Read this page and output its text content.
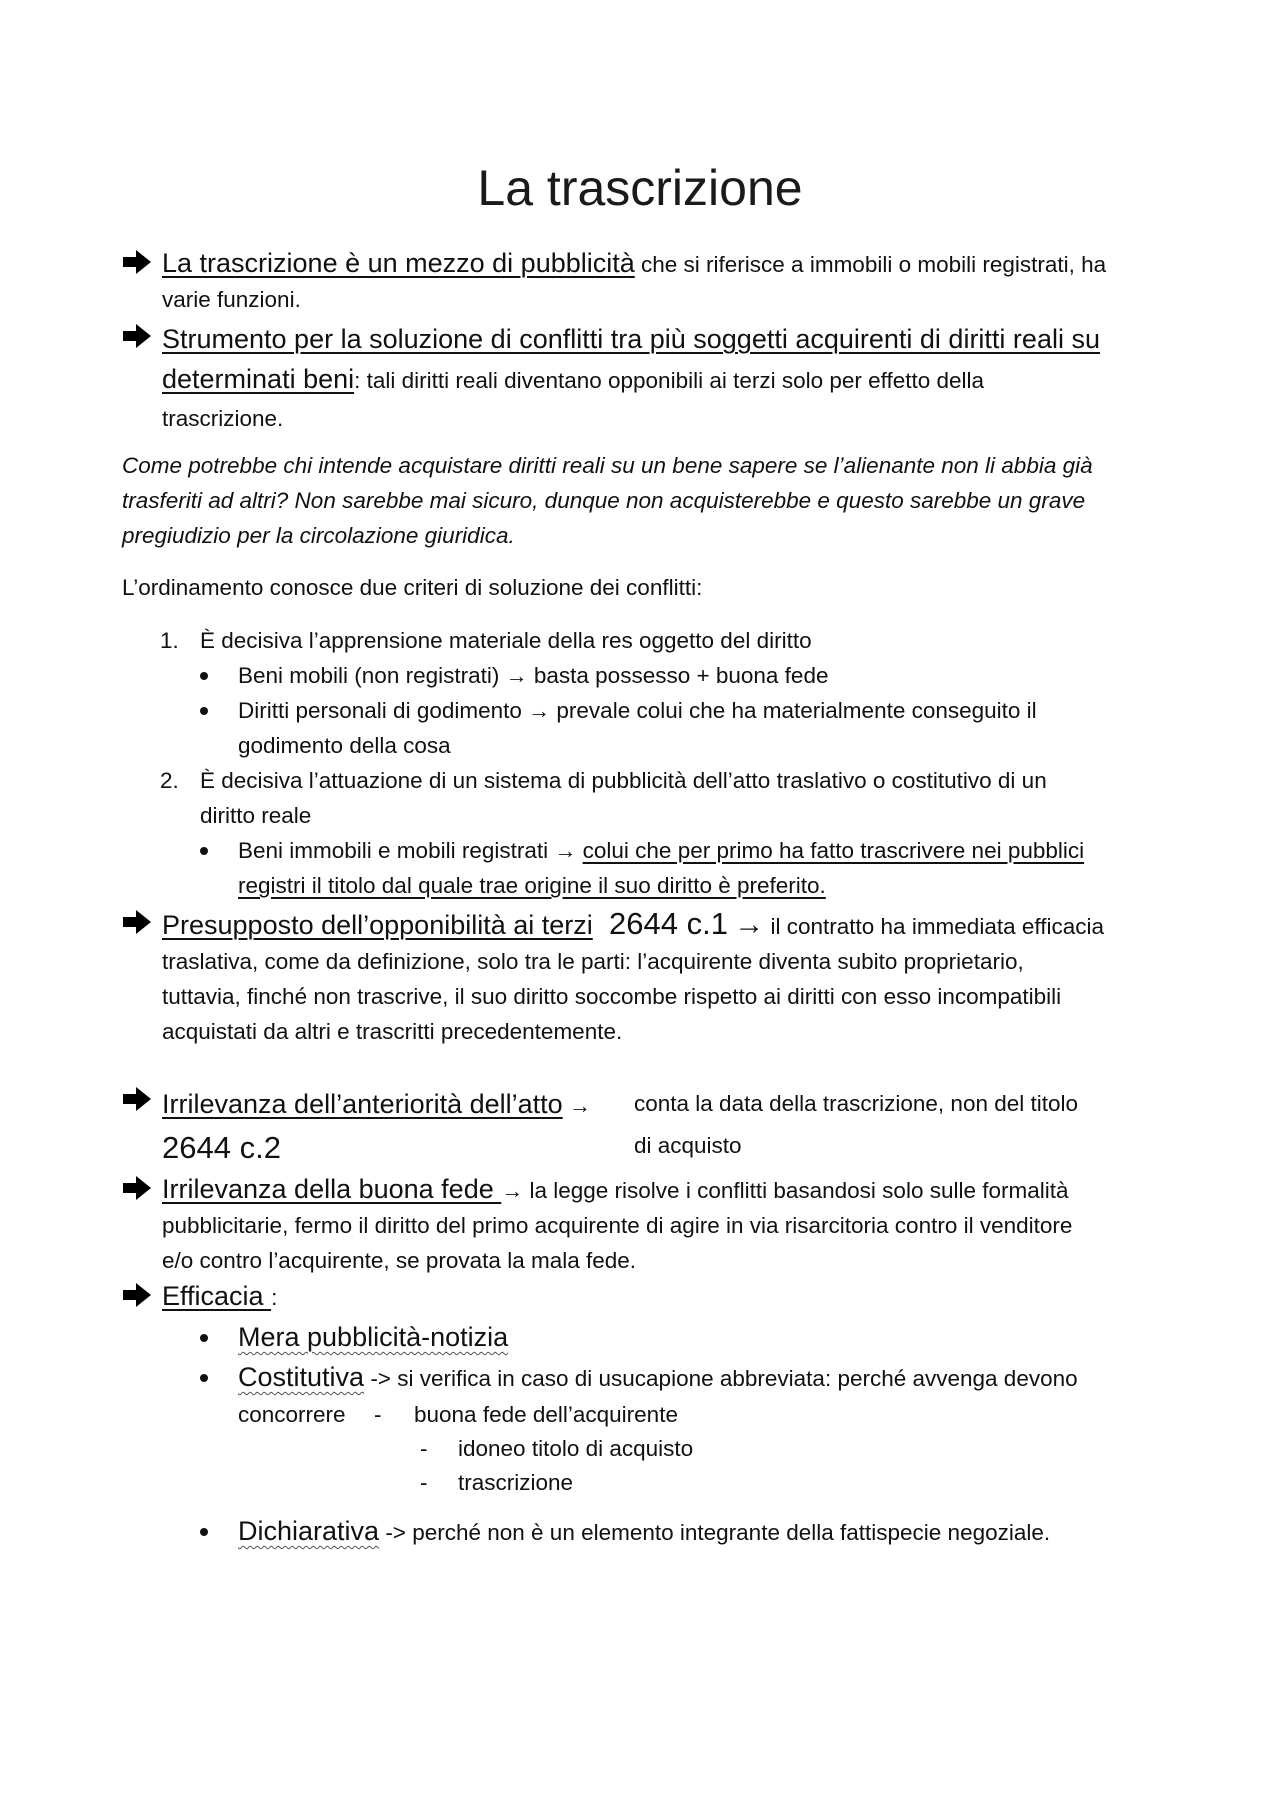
La trascrizione
La trascrizione è un mezzo di pubblicità che si riferisce a immobili o mobili registrati, ha
varie funzioni.
Strumento per la soluzione di conflitti tra più soggetti acquirenti di diritti reali su
determinati beni: tali diritti reali diventano opponibili ai terzi solo per effetto della
trascrizione.
Come potrebbe chi intende acquistare diritti reali su un bene sapere se l’alienante non li abbia già
trasferiti ad altri? Non sarebbe mai sicuro, dunque non acquisterebbe e questo sarebbe un grave
pregiudizio per la circolazione giuridica.
L’ordinamento conosce due criteri di soluzione dei conflitti:
1. È decisiva l’apprensione materiale della res oggetto del diritto
Beni mobili (non registrati) → basta possesso + buona fede
Diritti personali di godimento → prevale colui che ha materialmente conseguito il
godimento della cosa
2. È decisiva l’attuazione di un sistema di pubblicità dell’atto traslativo o costitutivo di un
diritto reale
Beni immobili e mobili registrati → colui che per primo ha fatto trascrivere nei pubblici
registri il titolo dal quale trae origine il suo diritto è preferito.
Presupposto dell’opponibilità ai terzi 2644 c.1 → il contratto ha immediata efficacia
traslativa, come da definizione, solo tra le parti: l’acquirente diventa subito proprietario,
tuttavia, finché non trascrive, il suo diritto soccombe rispetto ai diritti con esso incompatibili
acquistati da altri e trascritti precedentemente.
Irrilevanza dell’anteriorità dell’atto → conta la data della trascrizione, non del titolo

2644 c.2	di acquisto
Irrilevanza della buona fede → la legge risolve i conflitti basandosi solo sulle formalità
pubblicitarie, fermo il diritto del primo acquirente di agire in via risarcitoria contro il venditore
e/o contro l’acquirente, se provata la mala fede.
Efficacia :
Mera pubblicità-notizia
Costitutiva -> si verifica in caso di usucapione abbreviata: perché avvenga devono
concorrere - buona fede dell’acquirente
- idoneo titolo di acquisto
- trascrizione
Dichiarativa -> perché non è un elemento integrante della fattispecie negoziale.
